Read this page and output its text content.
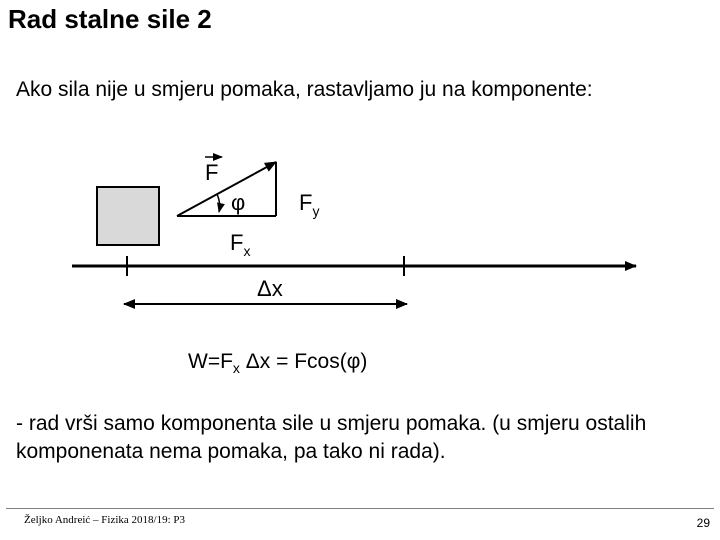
Rad stalne sile 2
Ako sila nije u smjeru pomaka, rastavljamo ju na komponente:
F
φ $F_y$
$F_x$
Δx
$W=F_x$ Δx = Fcos(φ)
- rad vrši samo komponenta sile u smjeru pomaka. (u smjeru ostalih komponenata nema pomaka, pa tako ni rada).
Željko Andreić – Fizika 2018/19: P3	29
